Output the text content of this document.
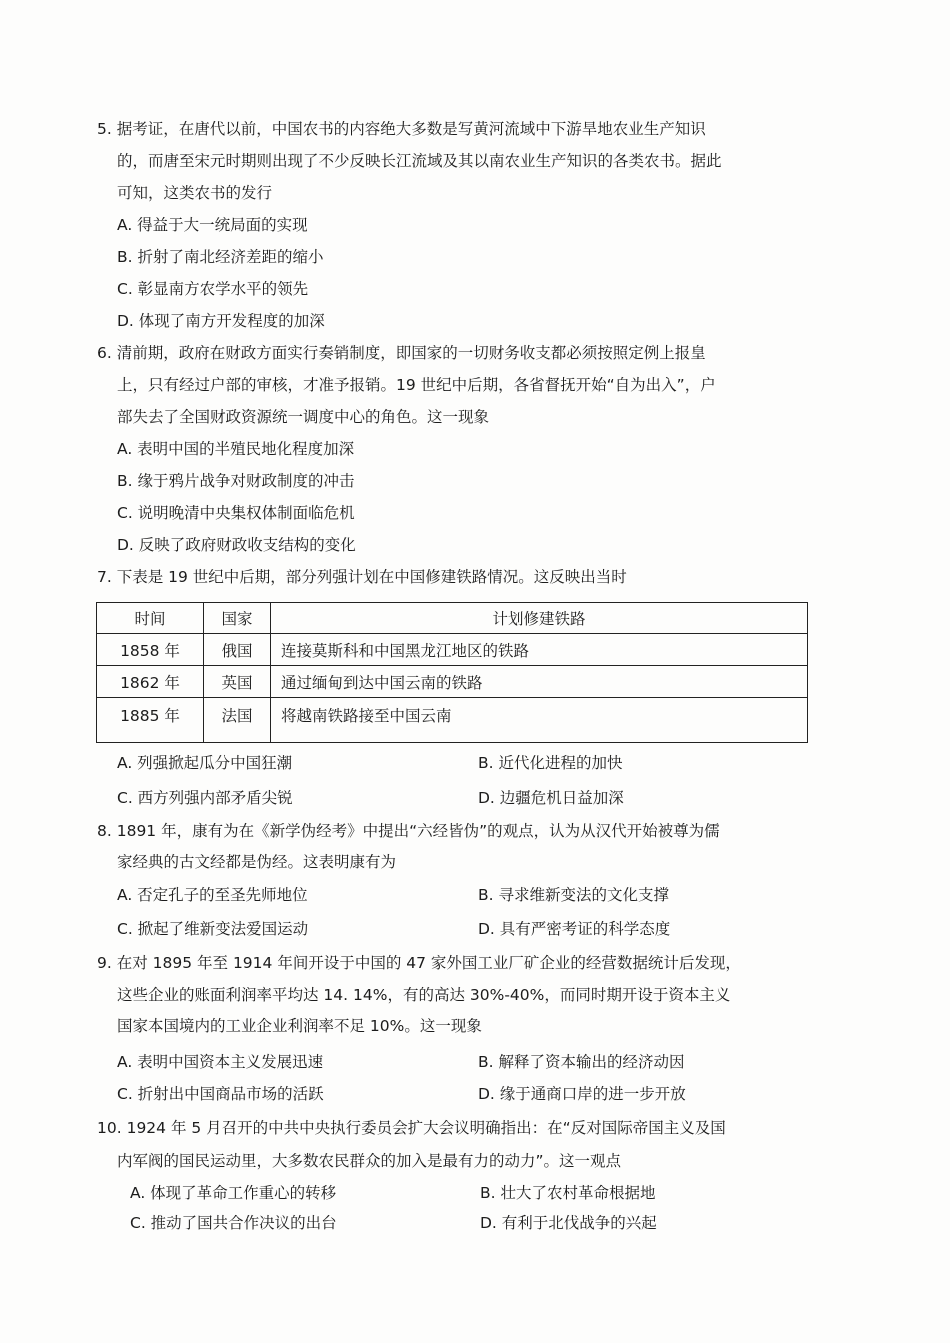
5. 据考证，在唐代以前，中国农书的内容绝大多数是写黄河流域中下游旱地农业生产知识
的，而唐至宋元时期则出现了不少反映长江流域及其以南农业生产知识的各类农书。据此
可知，这类农书的发行
A. 得益于大一统局面的实现
B. 折射了南北经济差距的缩小
C. 彰显南方农学水平的领先
D. 体现了南方开发程度的加深
6. 清前期，政府在财政方面实行奏销制度，即国家的一切财务收支都必须按照定例上报皇
上，只有经过户部的审核，才准予报销。19 世纪中后期，各省督抚开始“自为出入”，户
部失去了全国财政资源统一调度中心的角色。这一现象
A. 表明中国的半殖民地化程度加深
B. 缘于鸦片战争对财政制度的冲击
C. 说明晚清中央集权体制面临危机
D. 反映了政府财政收支结构的变化
7. 下表是 19 世纪中后期，部分列强计划在中国修建铁路情况。这反映出当时
时间	国家	计划修建铁路
1858 年	俄国	连接莫斯科和中国黑龙江地区的铁路
1862 年	英国	通过缅甸到达中国云南的铁路
1885 年	法国	将越南铁路接至中国云南
A. 列强掀起瓜分中国狂潮	B. 近代化进程的加快
C. 西方列强内部矛盾尖锐	D. 边疆危机日益加深
8. 1891 年，康有为在《新学伪经考》中提出“六经皆伪”的观点，认为从汉代开始被尊为儒
家经典的古文经都是伪经。这表明康有为
A. 否定孔子的至圣先师地位	B. 寻求维新变法的文化支撑
C. 掀起了维新变法爱国运动	D. 具有严密考证的科学态度
9. 在对 1895 年至 1914 年间开设于中国的 47 家外国工业厂矿企业的经营数据统计后发现，
这些企业的账面利润率平均达 14. 14%，有的高达 30%-40%，而同时期开设于资本主义
国家本国境内的工业企业利润率不足 10%。这一现象
A. 表明中国资本主义发展迅速	B. 解释了资本输出的经济动因
C. 折射出中国商品市场的活跃	D. 缘于通商口岸的进一步开放
10. 1924 年 5 月召开的中共中央执行委员会扩大会议明确指出：在“反对国际帝国主义及国
内军阀的国民运动里，大多数农民群众的加入是最有力的动力”。这一观点
A. 体现了革命工作重心的转移	B. 壮大了农村革命根据地
C. 推动了国共合作决议的出台	D. 有利于北伐战争的兴起
